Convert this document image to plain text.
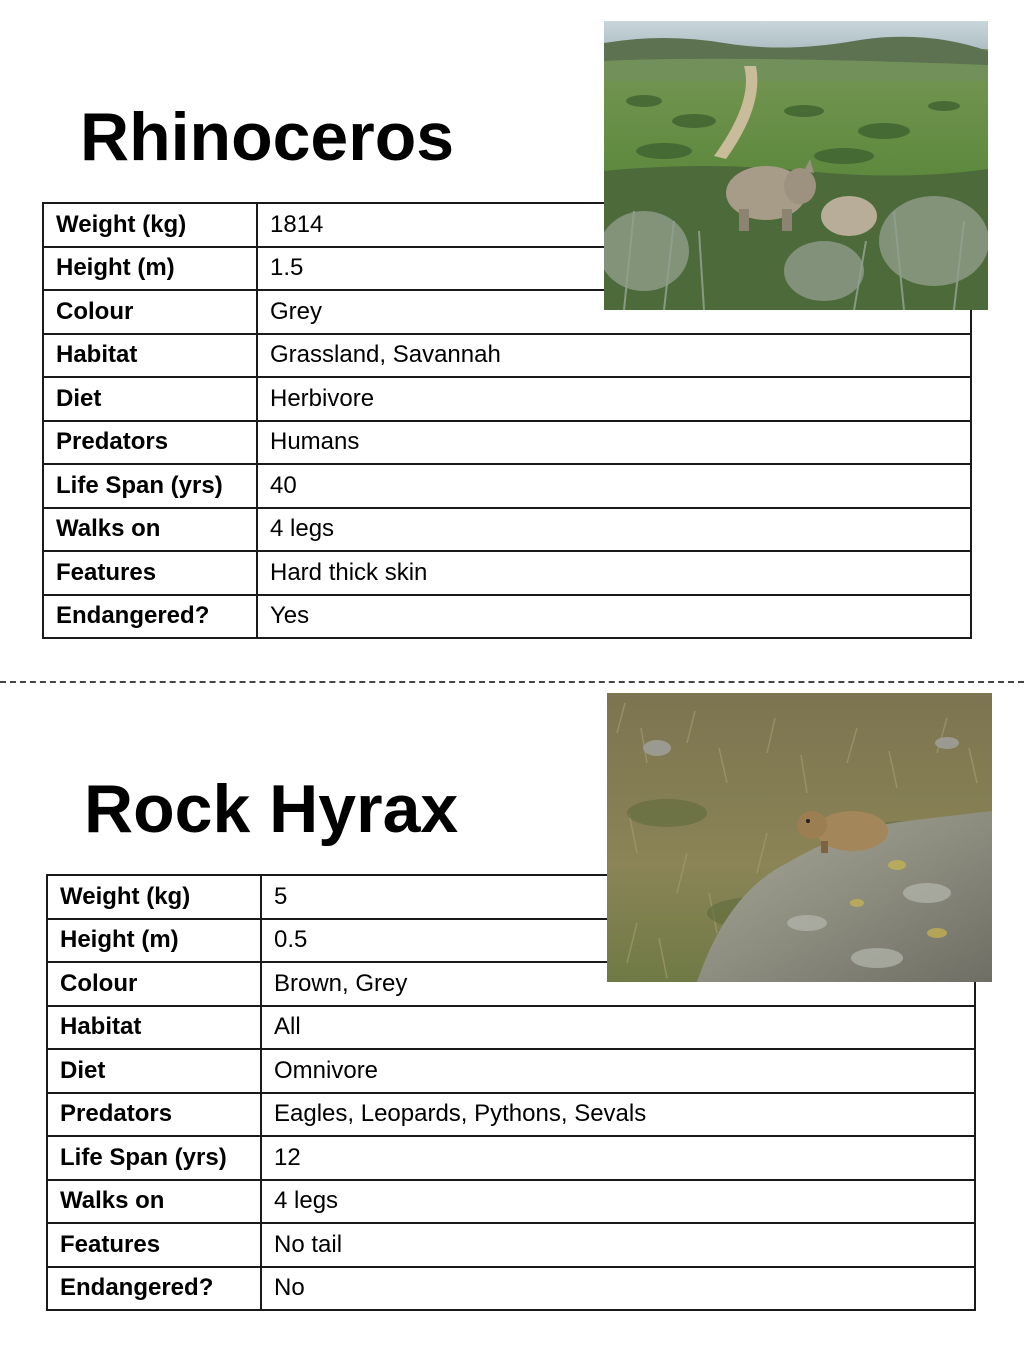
Rhinoceros
Weight (kg)	1814
Height (m)	1.5
Colour	Grey
Habitat	Grassland, Savannah
Diet	Herbivore
Predators	Humans
Life Span (yrs)	40
Walks on	4 legs
Features	Hard thick skin
Endangered?	Yes
Rock Hyrax
Weight (kg)	5
Height (m)	0.5
Colour	Brown, Grey
Habitat	All
Diet	Omnivore
Predators	Eagles, Leopards, Pythons, Sevals
Life Span (yrs)	12
Walks on	4 legs
Features	No tail
Endangered?	No
